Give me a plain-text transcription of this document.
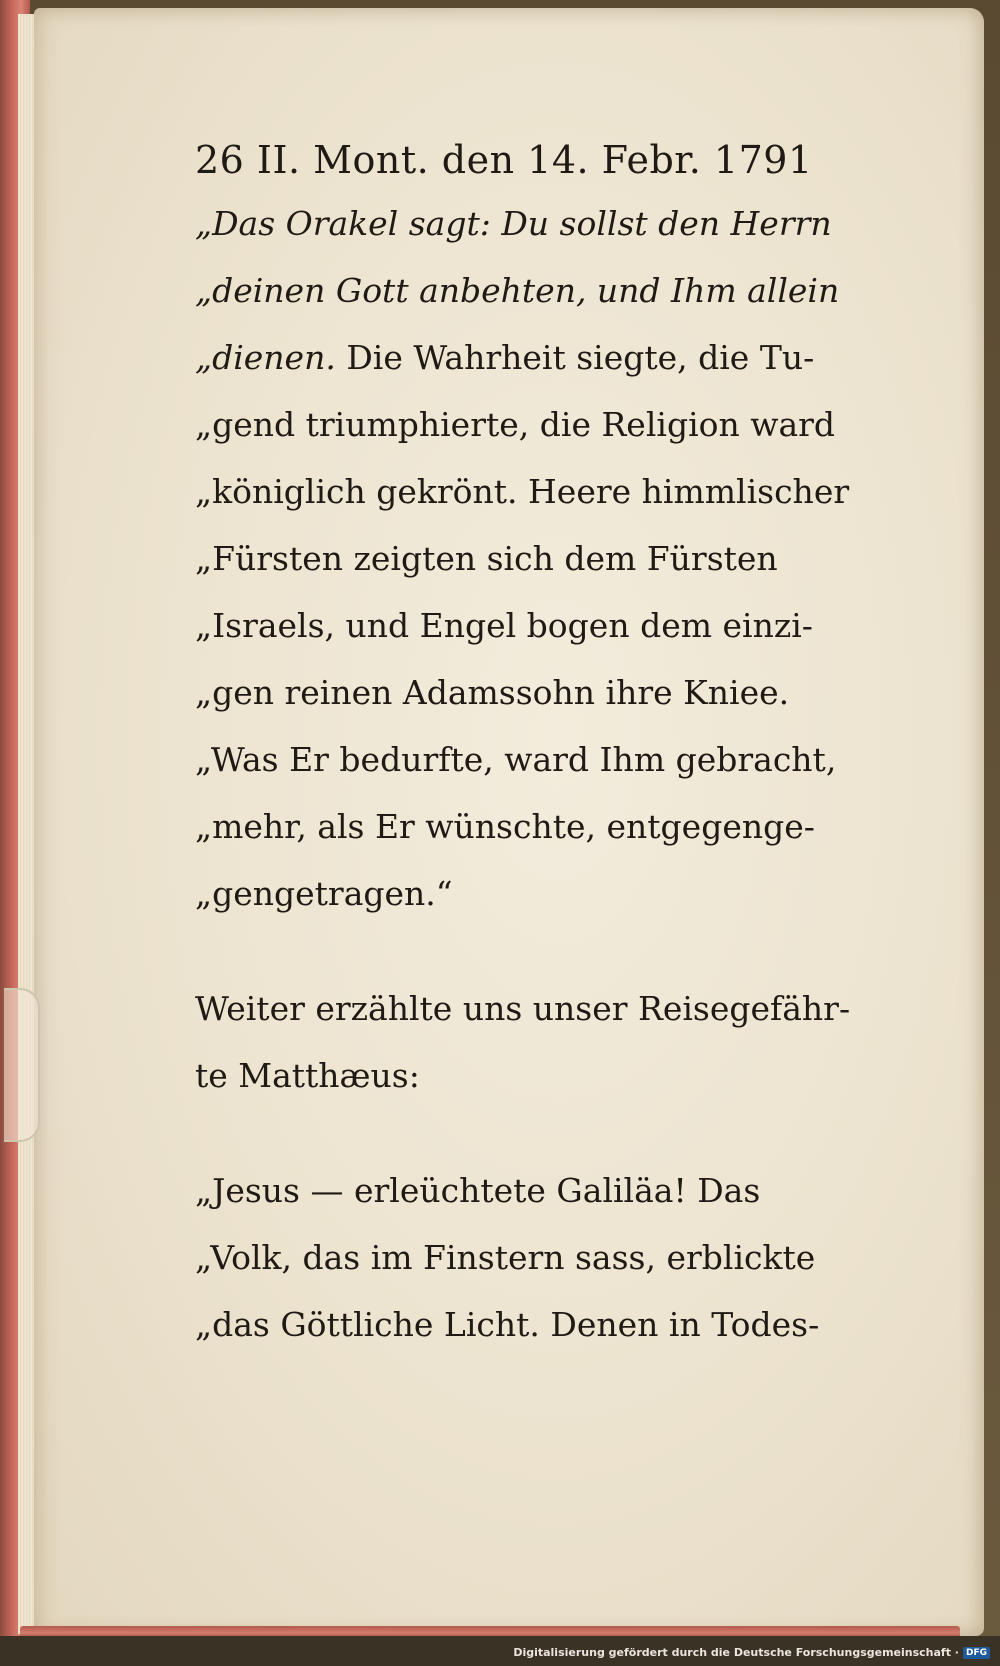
26 II. Mont. den 14. Febr. 1791
„Das Orakel sagt: Du sollst den Herrn
„deinen Gott anbehten, und Ihm allein
„dienen. Die Wahrheit siegte, die Tu-
„gend triumphierte, die Religion ward
„königlich gekrönt. Heere himmlischer
„Fürsten zeigten sich dem Fürsten
„Israels, und Engel bogen dem einzi-
„gen reinen Adamssohn ihre Kniee.
„Was Er bedurfte, ward Ihm gebracht,
„mehr, als Er wünschte, entgegenge-
„gengetragen.“
Weiter erzählte uns unser Reisegefähr-
te Matthæus:
„Jesus — erleüchtete Galiläa! Das
„Volk, das im Finstern sass, erblickte
„das Göttliche Licht. Denen in Todes-
Digitalisierung gefördert durch die Deutsche Forschungsgemeinschaft · DFG
